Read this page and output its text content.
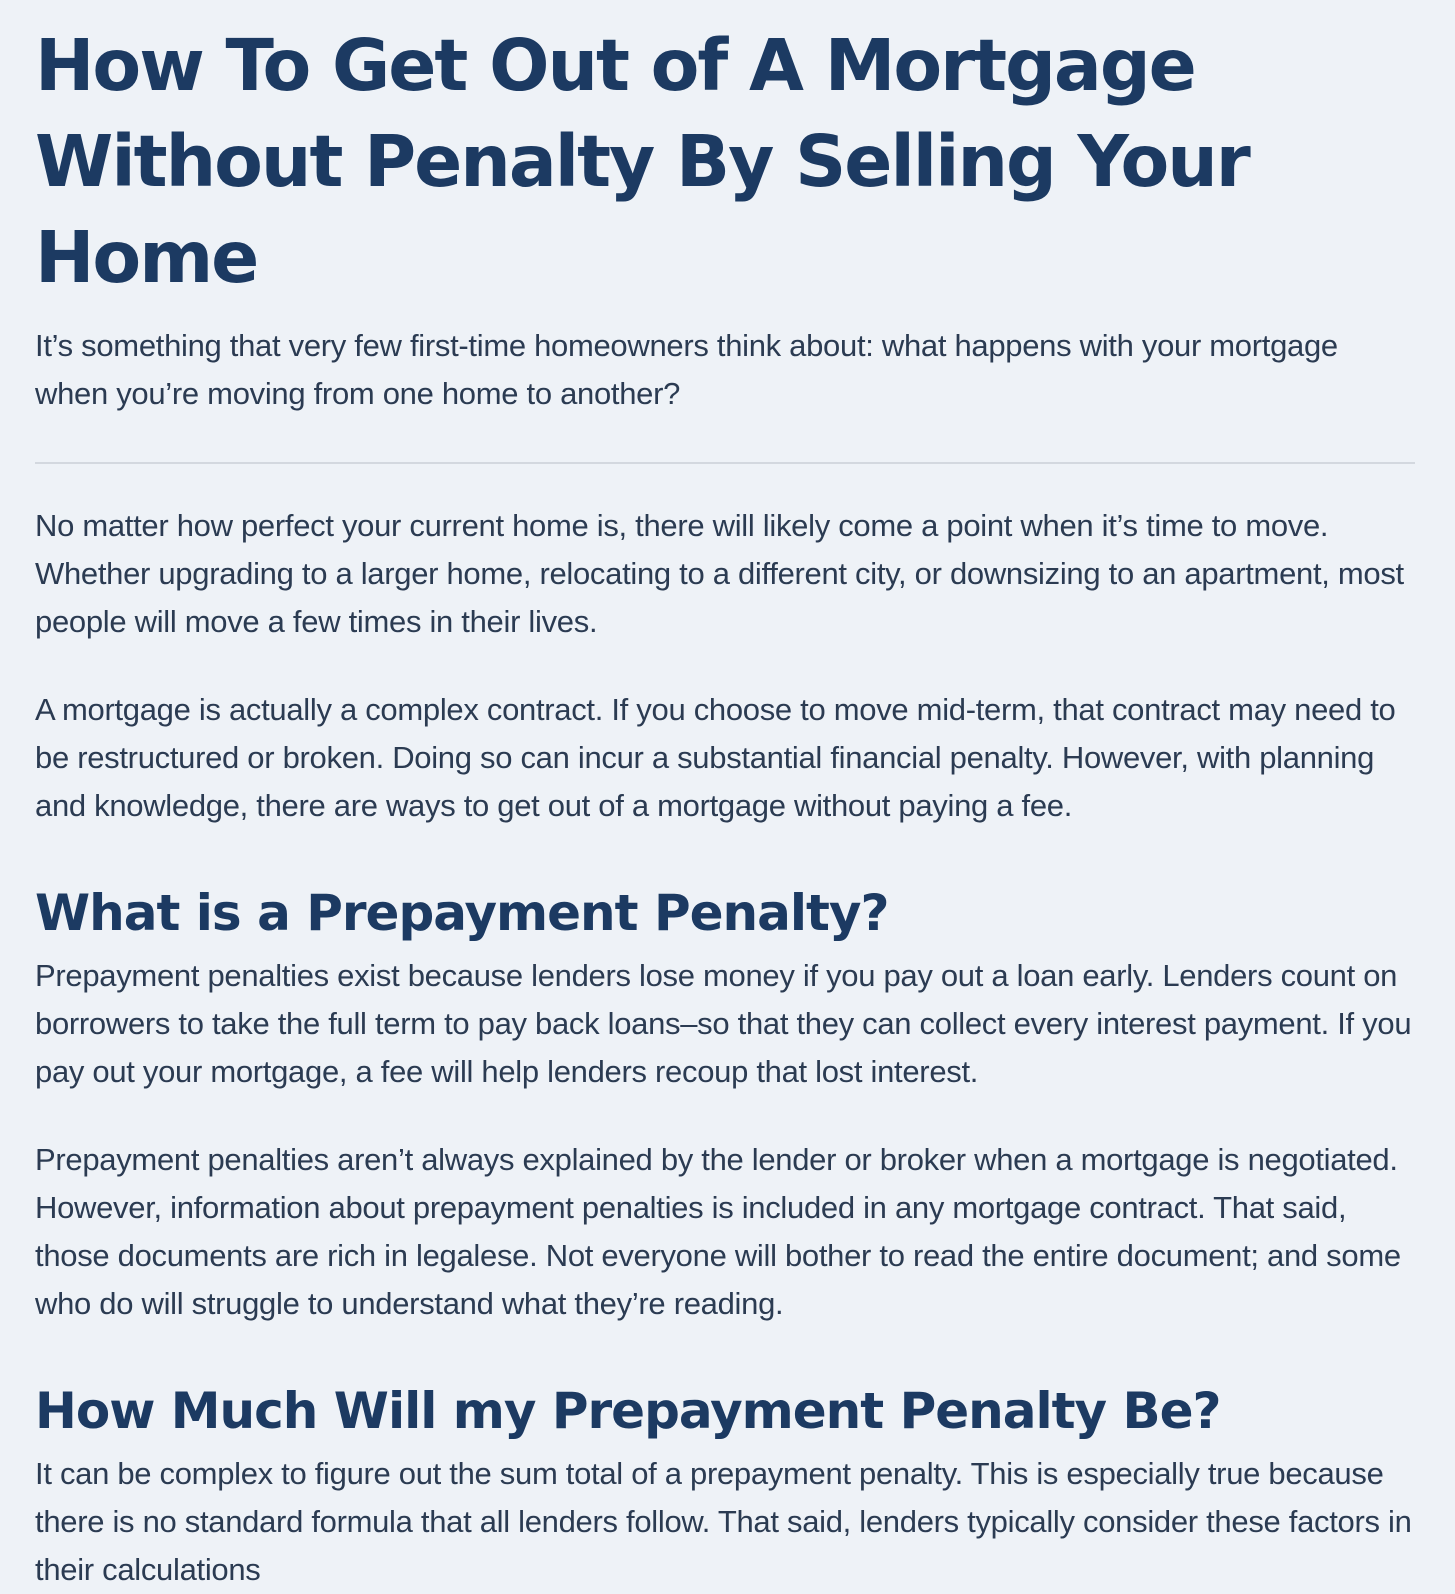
How To Get Out of A Mortgage Without Penalty By Selling Your Home

It’s something that very few first-time homeowners think about: what happens with your mortgage when you’re moving from one home to another?

No matter how perfect your current home is, there will likely come a point when it’s time to move. Whether upgrading to a larger home, relocating to a different city, or downsizing to an apartment, most people will move a few times in their lives.

A mortgage is actually a complex contract. If you choose to move mid-term, that contract may need to be restructured or broken. Doing so can incur a substantial financial penalty. However, with planning and knowledge, there are ways to get out of a mortgage without paying a fee.

What is a Prepayment Penalty?

Prepayment penalties exist because lenders lose money if you pay out a loan early. Lenders count on borrowers to take the full term to pay back loans–so that they can collect every interest payment. If you pay out your mortgage, a fee will help lenders recoup that lost interest.

Prepayment penalties aren’t always explained by the lender or broker when a mortgage is negotiated. However, information about prepayment penalties is included in any mortgage contract. That said, those documents are rich in legalese. Not everyone will bother to read the entire document; and some who do will struggle to understand what they’re reading.

How Much Will my Prepayment Penalty Be?

It can be complex to figure out the sum total of a prepayment penalty. This is especially true because there is no standard formula that all lenders follow. That said, lenders typically consider these factors in their calculations
